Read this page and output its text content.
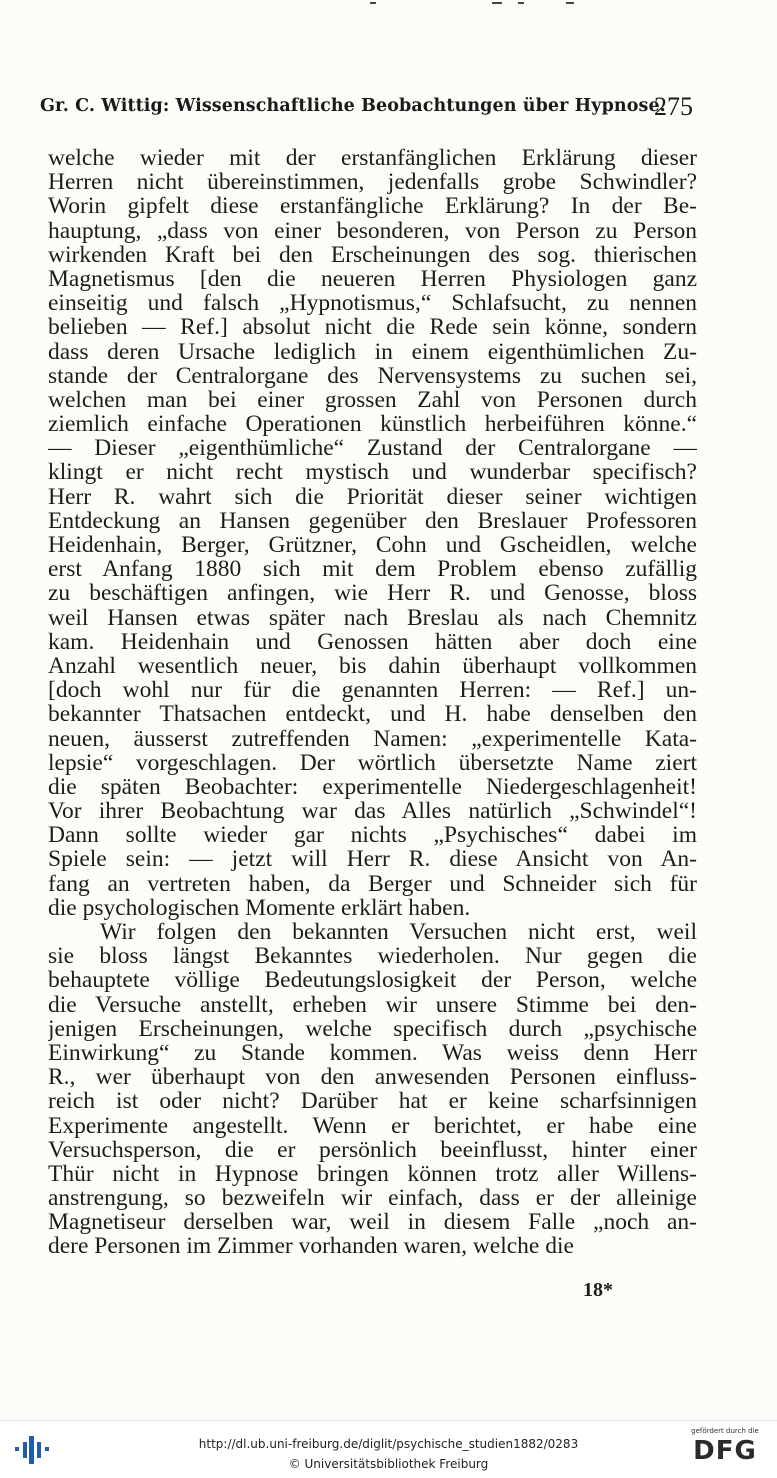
Gr. C. Wittig: Wissenschaftliche Beobachtungen über Hypnose.
275
welche wieder mit der erstanfänglichen Erklärung dieser
Herren nicht übereinstimmen, jedenfalls grobe Schwindler?
Worin gipfelt diese erstanfängliche Erklärung? In der Be-
hauptung, „dass von einer besonderen, von Person zu Person
wirkenden Kraft bei den Erscheinungen des sog. thierischen
Magnetismus [den die neueren Herren Physiologen ganz
einseitig und falsch „Hypnotismus,“ Schlafsucht, zu nennen
belieben — Ref.] absolut nicht die Rede sein könne, sondern
dass deren Ursache lediglich in einem eigenthümlichen Zu-
stande der Centralorgane des Nervensystems zu suchen sei,
welchen man bei einer grossen Zahl von Personen durch
ziemlich einfache Operationen künstlich herbeiführen könne.“
— Dieser „eigenthümliche“ Zustand der Centralorgane —
klingt er nicht recht mystisch und wunderbar specifisch?
Herr R. wahrt sich die Priorität dieser seiner wichtigen
Entdeckung an Hansen gegenüber den Breslauer Professoren
Heidenhain, Berger, Grützner, Cohn und Gscheidlen, welche
erst Anfang 1880 sich mit dem Problem ebenso zufällig
zu beschäftigen anfingen, wie Herr R. und Genosse, bloss
weil Hansen etwas später nach Breslau als nach Chemnitz
kam. Heidenhain und Genossen hätten aber doch eine
Anzahl wesentlich neuer, bis dahin überhaupt vollkommen
[doch wohl nur für die genannten Herren: — Ref.] un-
bekannter Thatsachen entdeckt, und H. habe denselben den
neuen, äusserst zutreffenden Namen: „experimentelle Kata-
lepsie“ vorgeschlagen. Der wörtlich übersetzte Name ziert
die späten Beobachter: experimentelle Niedergeschlagenheit!
Vor ihrer Beobachtung war das Alles natürlich „Schwindel“!
Dann sollte wieder gar nichts „Psychisches“ dabei im
Spiele sein: — jetzt will Herr R. diese Ansicht von An-
fang an vertreten haben, da Berger und Schneider sich für
die psychologischen Momente erklärt haben.
Wir folgen den bekannten Versuchen nicht erst, weil
sie bloss längst Bekanntes wiederholen. Nur gegen die
behauptete völlige Bedeutungslosigkeit der Person, welche
die Versuche anstellt, erheben wir unsere Stimme bei den-
jenigen Erscheinungen, welche specifisch durch „psychische
Einwirkung“ zu Stande kommen. Was weiss denn Herr
R., wer überhaupt von den anwesenden Personen einfluss-
reich ist oder nicht? Darüber hat er keine scharfsinnigen
Experimente angestellt. Wenn er berichtet, er habe eine
Versuchsperson, die er persönlich beeinflusst, hinter einer
Thür nicht in Hypnose bringen können trotz aller Willens-
anstrengung, so bezweifeln wir einfach, dass er der alleinige
Magnetiseur derselben war, weil in diesem Falle „noch an-
dere Personen im Zimmer vorhanden waren, welche die
18*
http://dl.ub.uni-freiburg.de/diglit/psychische_studien1882/0283
© Universitätsbibliothek Freiburg
gefördert durch die
DFG
